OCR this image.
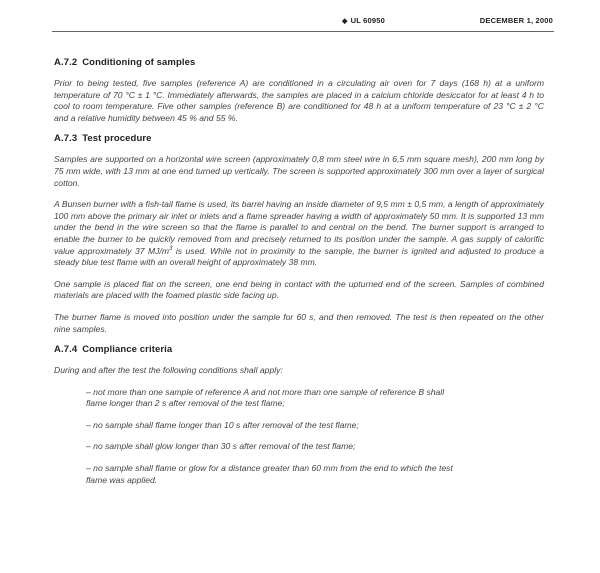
◆ UL 60950	DECEMBER 1, 2000
A.7.2 Conditioning of samples

Prior to being tested, five samples (reference A) are conditioned in a circulating air oven for 7 days (168 h) at a uniform temperature of 70 °C ± 1 °C. Immediately afterwards, the samples are placed in a calcium chloride desiccator for at least 4 h to cool to room temperature. Five other samples (reference B) are conditioned for 48 h at a uniform temperature of 23 °C ± 2 °C and a relative humidity between 45 % and 55 %.

A.7.3 Test procedure

Samples are supported on a horizontal wire screen (approximately 0,8 mm steel wire in 6,5 mm square mesh), 200 mm long by 75 mm wide, with 13 mm at one end turned up vertically. The screen is supported approximately 300 mm over a layer of surgical cotton.

A Bunsen burner with a fish-tail flame is used, its barrel having an inside diameter of 9,5 mm ± 0,5 mm, a length of approximately 100 mm above the primary air inlet or inlets and a flame spreader having a width of approximately 50 mm. It is supported 13 mm under the bend in the wire screen so that the flame is parallel to and central on the bend. The burner support is arranged to enable the burner to be quickly removed from and precisely returned to its position under the sample. A gas supply of calorific value approximately 37 $MJ/m^3$ is used. While not in proximity to the sample, the burner is ignited and adjusted to produce a steady blue test flame with an overall height of approximately 38 mm.

One sample is placed flat on the screen, one end being in contact with the upturned end of the screen. Samples of combined materials are placed with the foamed plastic side facing up.

The burner flame is moved into position under the sample for 60 s, and then removed. The test is then repeated on the other nine samples.

A.7.4 Compliance criteria

During and after the test the following conditions shall apply:

– not more than one sample of reference A and not more than one sample of reference B shall flame longer than 2 s after removal of the test flame;

– no sample shall flame longer than 10 s after removal of the test flame;

– no sample shall glow longer than 30 s after removal of the test flame;

– no sample shall flame or glow for a distance greater than 60 mm from the end to which the test flame was applied.
